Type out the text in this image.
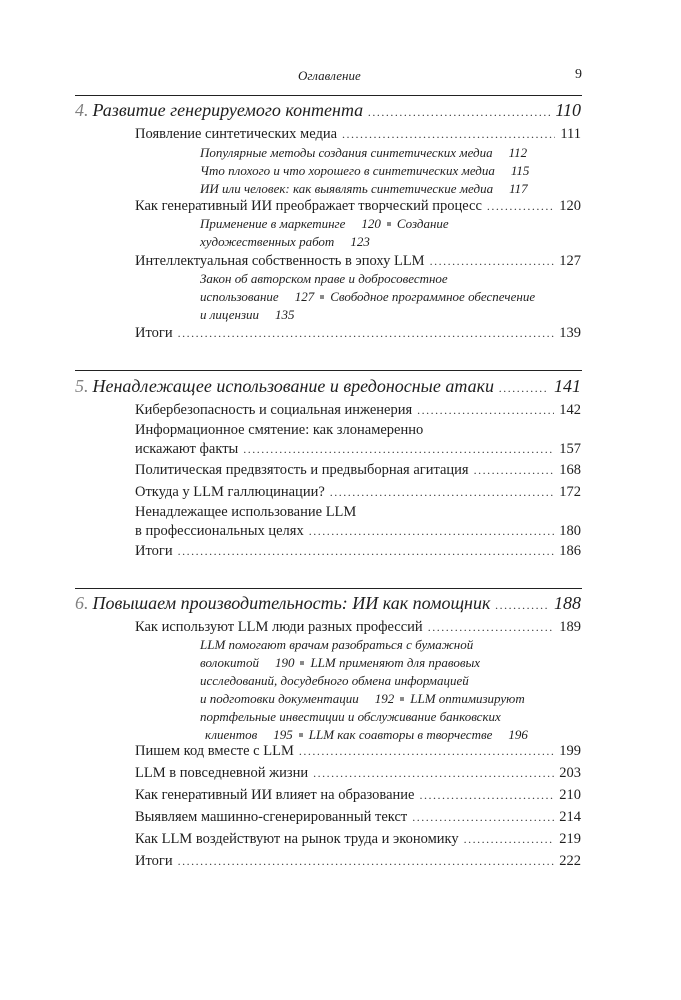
Оглавление	9
4. Развитие генерируемого контента .....	110
Появление синтетических медиа .....	111
Популярные методы создания синтетических медиа 112
Что плохого и что хорошего в синтетических медиа 115
ИИ или человек: как выявлять синтетические медиа 117
Как генеративный ИИ преображает творческий процесс .....	120
Применение в маркетинге 120 Создание
художественных работ 123
Интеллектуальная собственность в эпоху LLM .....	127
Закон об авторском праве и добросовестное
использование 127 Свободное программное обеспечение
и лицензии 135
Итоги .....	139
5. Ненадлежащее использование и вредоносные атаки .....	141
Кибербезопасность и социальная инженерия .....	142
Информационное смятение: как злонамеренно
искажают факты .....	157
Политическая предвзятость и предвыборная агитация .....	168
Откуда у LLM галлюцинации? .....	172
Ненадлежащее использование LLM
в профессиональных целях .....	180
Итоги .....	186
6. Повышаем производительность: ИИ как помощник .....	188
Как используют LLM люди разных профессий .....	189
LLM помогают врачам разобраться с бумажной
волокитой 190 LLM применяют для правовых
исследований, досудебного обмена информацией
и подготовки документации 192 LLM оптимизируют
портфельные инвестиции и обслуживание банковских
клиентов 195 LLM как соавторы в творчестве 196
Пишем код вместе с LLM .....	199
LLM в повседневной жизни .....	203
Как генеративный ИИ влияет на образование .....	210
Выявляем машинно-сгенерированный текст .....	214
Как LLM воздействуют на рынок труда и экономику .....	219
Итоги .....	222
